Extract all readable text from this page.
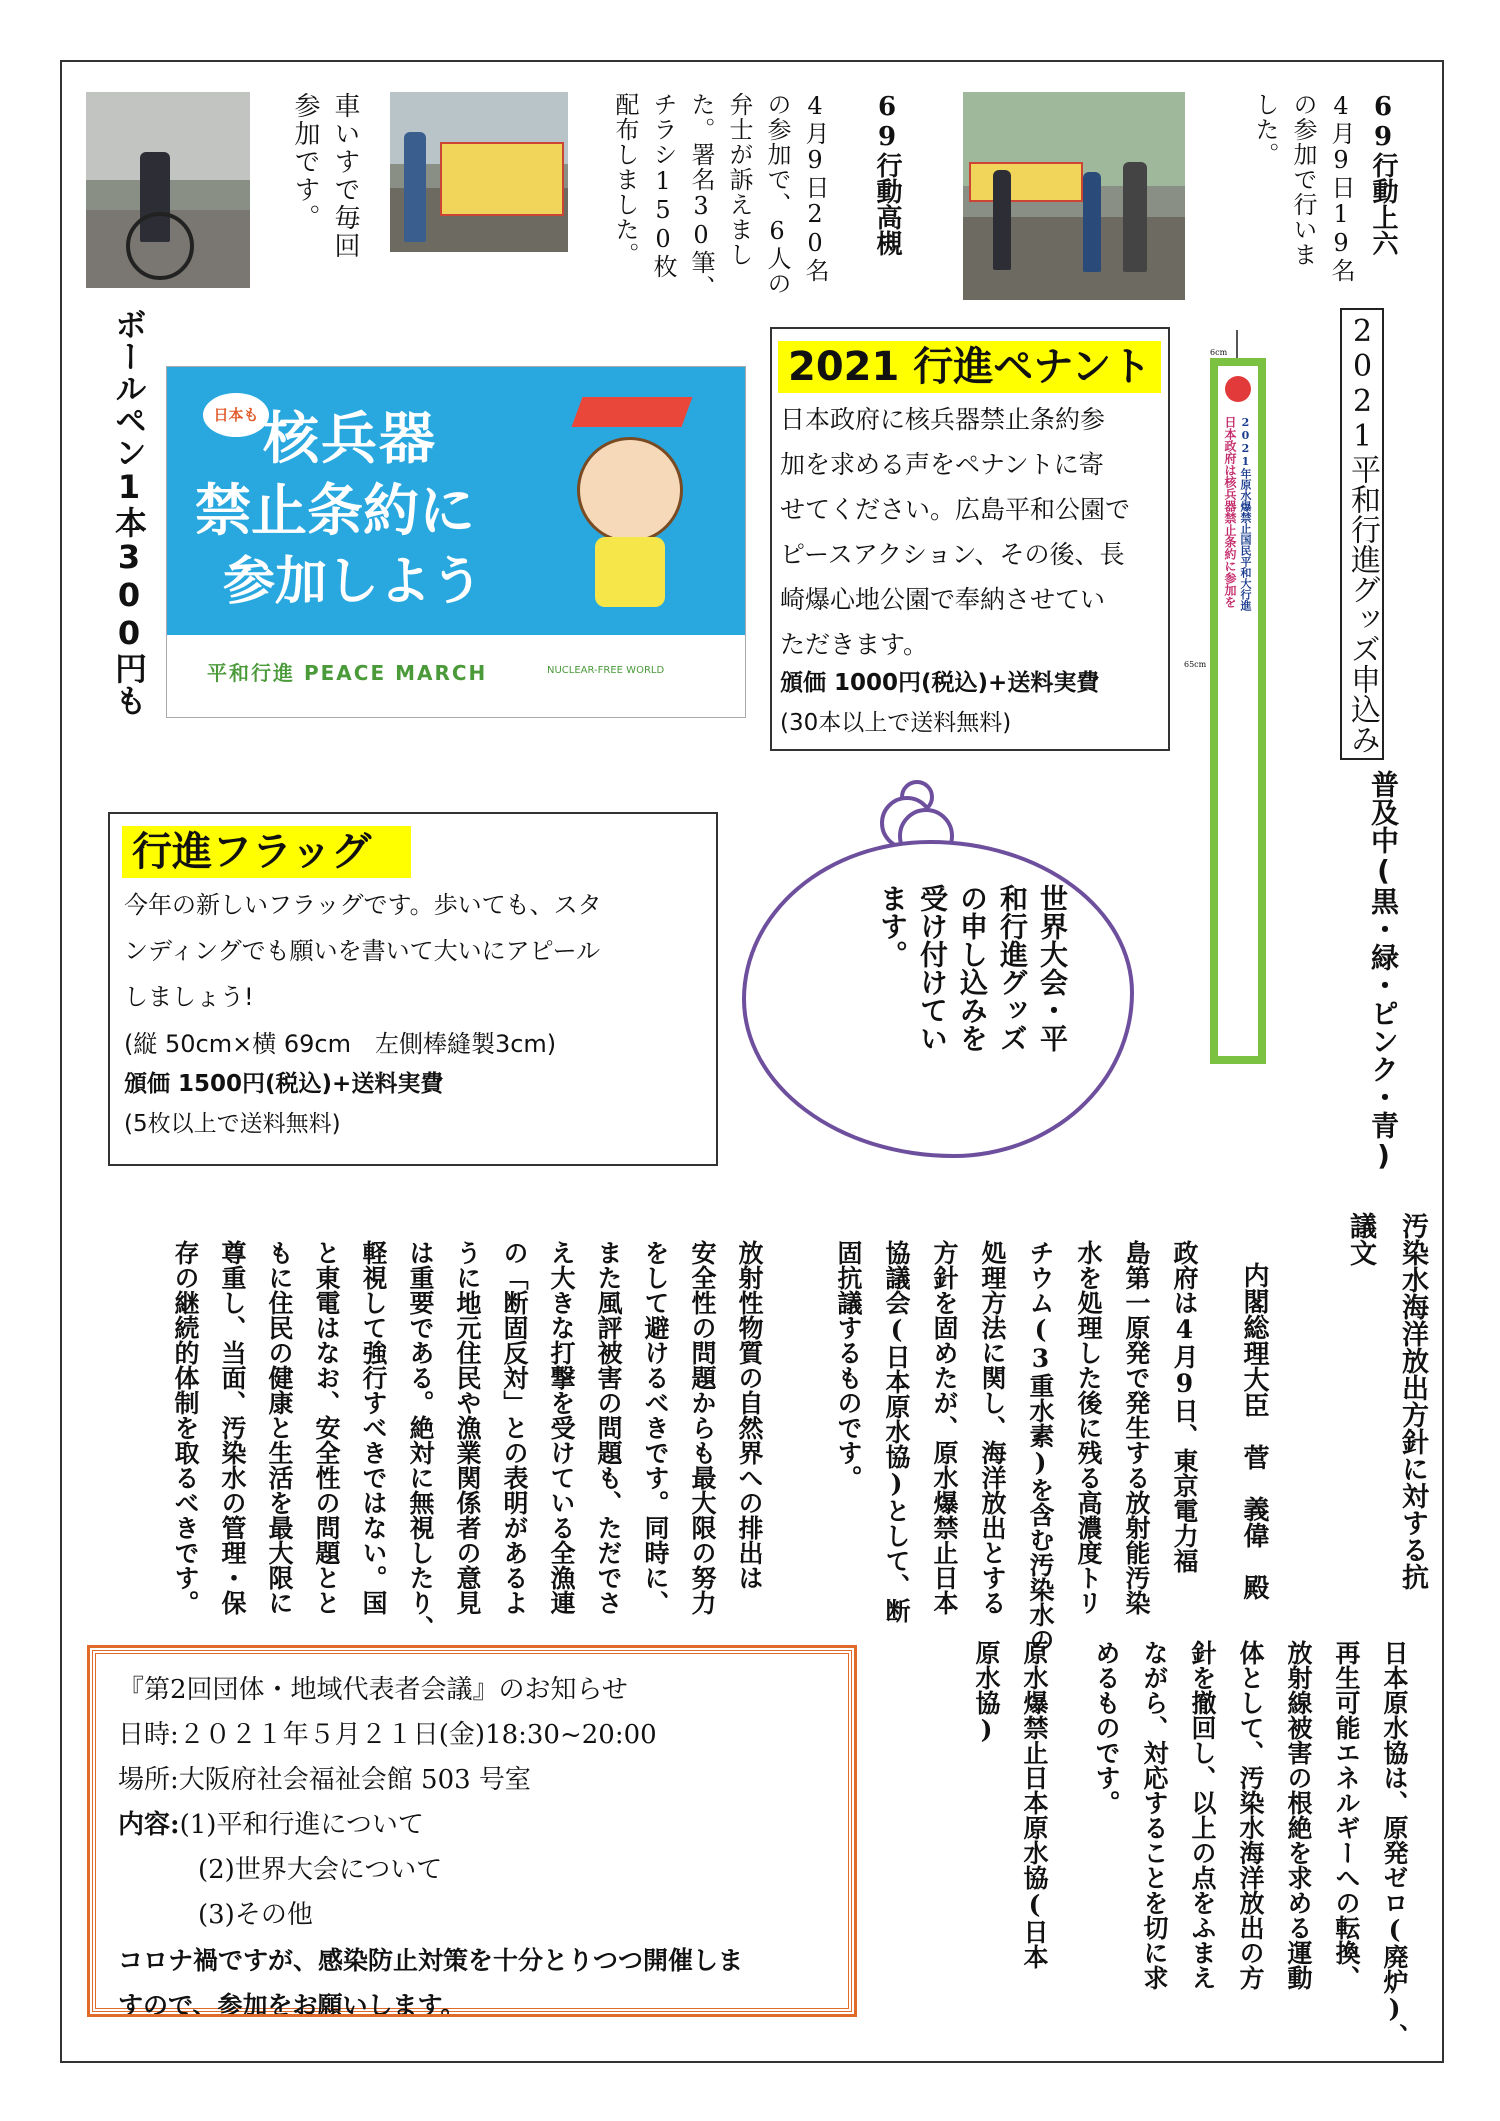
69行動上六

4月9日19名
の参加で行いま
した。

69行動高槻

4月9日20名
の参加で、6人の
弁士が訴えまし
た。署名30筆、
チラシ150枚
配布しました。

車いすで毎回
参加です。

2021平和行進グッズ申込み

2021年原水爆禁止国民平和大行進

日本政府は核兵器禁止条約に参加を

6cm
65cm

普及中(黒・緑・ピンク・青)

ボールペン1本300円も	日本も 核兵器
禁止条約に
参加しよう
平和行進 PEACE MARCH	NUCLEAR-FREE WORLD
2021 行進ペナント

日本政府に核兵器禁止条約参
加を求める声をペナントに寄
せてください。広島平和公園で
ピースアクション、その後、長
崎爆心地公園で奉納させてい
ただきます。

頒価 1000円(税込)+送料実費

(30本以上で送料無料)

行進フラッグ

今年の新しいフラッグです。歩いても、スタ
ンディングでも願いを書いて大いにアピール
しましょう!

(縦 50cm×横 69cm　左側棒縫製3cm)

頒価 1500円(税込)+送料実費

(5枚以上で送料無料)

世界大会・平
和行進グッズ
の申し込みを
受け付けてい
ます。

汚染水海洋放出方針に対する抗
議文

内閣総理大臣　菅　義偉　殿

政府は4月9日、東京電力福
島第一原発で発生する放射能汚染
水を処理した後に残る高濃度トリ
チウム(3重水素)を含む汚染水の
処理方法に関し、海洋放出とする
方針を固めたが、原水爆禁止日本
協議会(日本原水協)として、断
固抗議するものです。

放射性物質の自然界への排出は
安全性の問題からも最大限の努力
をして避けるべきです。同時に、
また風評被害の問題も、ただでさ
え大きな打撃を受けている全漁連
の「断固反対」との表明があるよ
うに地元住民や漁業関係者の意見
は重要である。絶対に無視したり、
軽視して強行すべきではない。国
と東電はなお、安全性の問題とと
もに住民の健康と生活を最大限に
尊重し、当面、汚染水の管理・保
存の継続的体制を取るべきです。

日本原水協は、原発ゼロ(廃炉)、
再生可能エネルギーへの転換、
放射線被害の根絶を求める運動
体として、汚染水海洋放出の方
針を撤回し、以上の点をふまえ
ながら、対応することを切に求
めるものです。

原水爆禁止日本原水協(日本
原水協)

『第2回団体・地域代表者会議』のお知らせ

日時:２０２１年５月２１日(金)18:30~20:00

場所:大阪府社会福祉会館 503 号室

内容:(1)平和行進について

(2)世界大会について

(3)その他

コロナ禍ですが、感染防止対策を十分とりつつ開催しま
すので、参加をお願いします。
